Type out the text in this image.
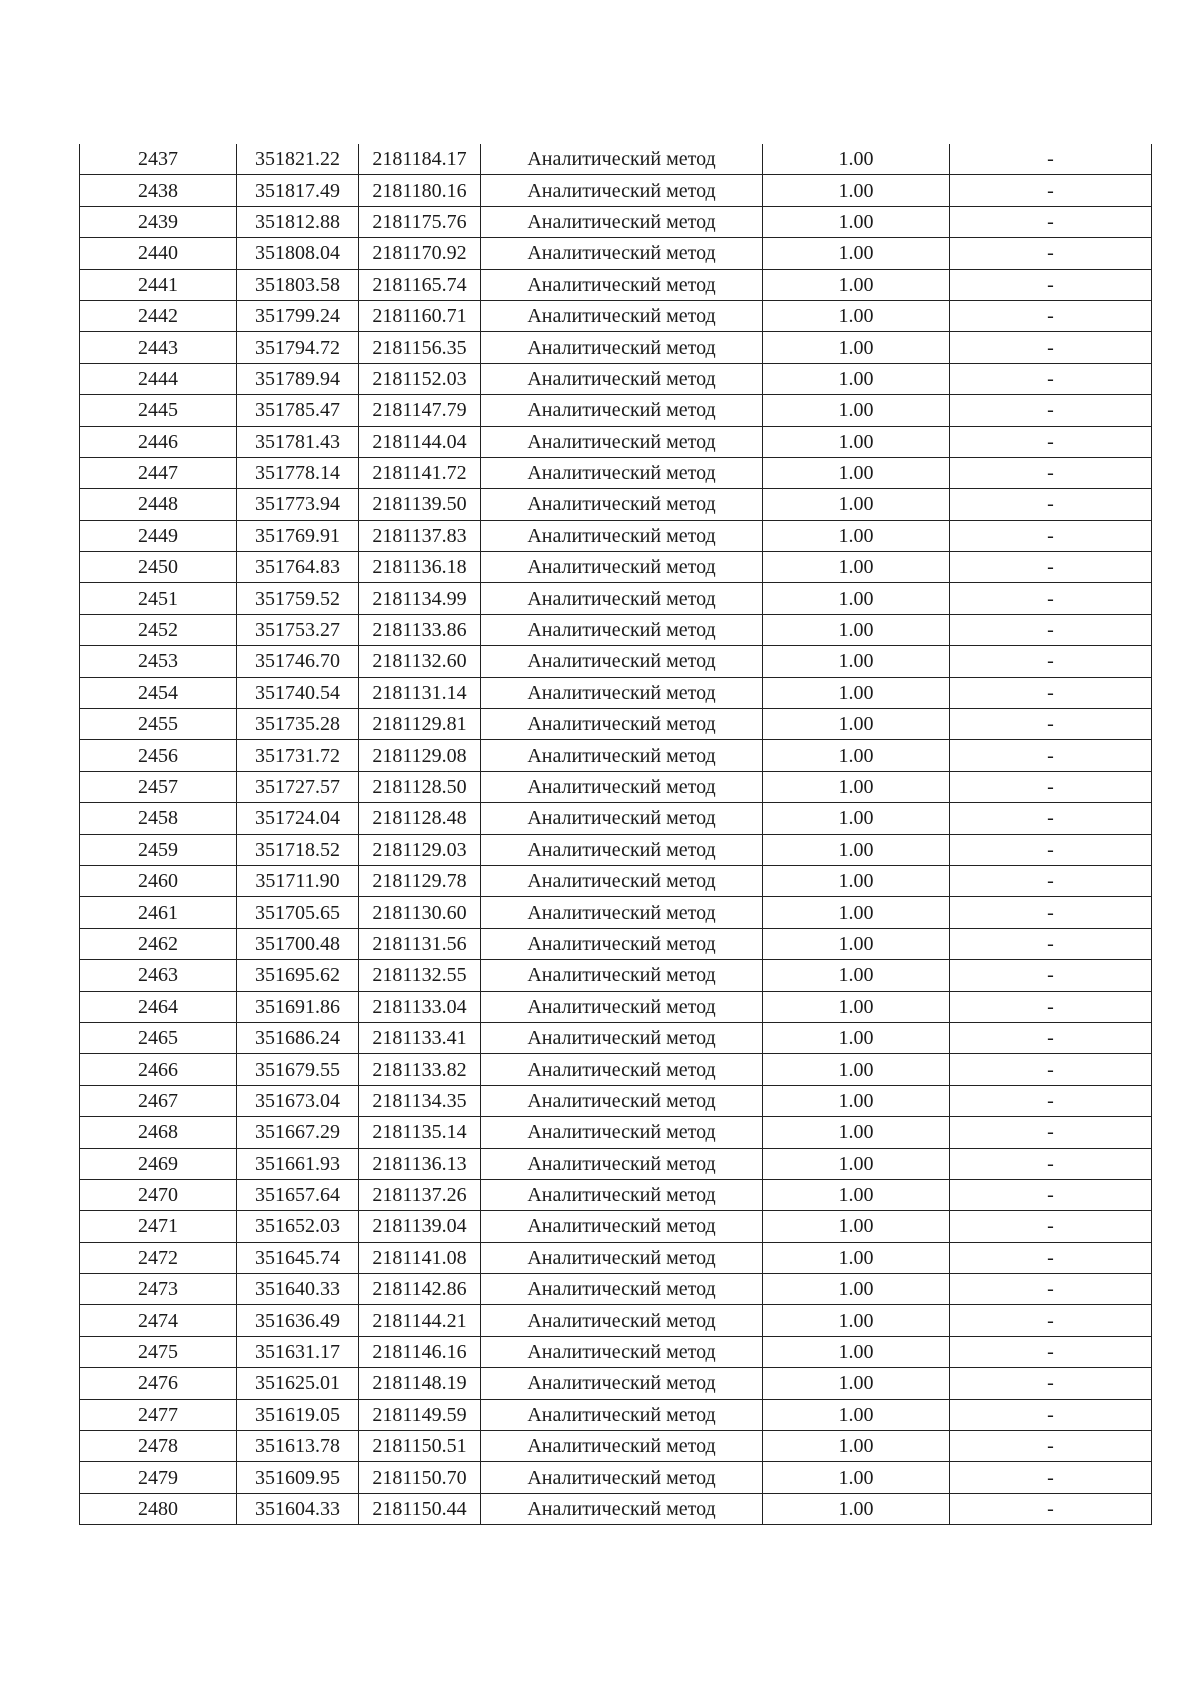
2437	351821.22	2181184.17	Аналитический метод	1.00	-
2438	351817.49	2181180.16	Аналитический метод	1.00	-
2439	351812.88	2181175.76	Аналитический метод	1.00	-
2440	351808.04	2181170.92	Аналитический метод	1.00	-
2441	351803.58	2181165.74	Аналитический метод	1.00	-
2442	351799.24	2181160.71	Аналитический метод	1.00	-
2443	351794.72	2181156.35	Аналитический метод	1.00	-
2444	351789.94	2181152.03	Аналитический метод	1.00	-
2445	351785.47	2181147.79	Аналитический метод	1.00	-
2446	351781.43	2181144.04	Аналитический метод	1.00	-
2447	351778.14	2181141.72	Аналитический метод	1.00	-
2448	351773.94	2181139.50	Аналитический метод	1.00	-
2449	351769.91	2181137.83	Аналитический метод	1.00	-
2450	351764.83	2181136.18	Аналитический метод	1.00	-
2451	351759.52	2181134.99	Аналитический метод	1.00	-
2452	351753.27	2181133.86	Аналитический метод	1.00	-
2453	351746.70	2181132.60	Аналитический метод	1.00	-
2454	351740.54	2181131.14	Аналитический метод	1.00	-
2455	351735.28	2181129.81	Аналитический метод	1.00	-
2456	351731.72	2181129.08	Аналитический метод	1.00	-
2457	351727.57	2181128.50	Аналитический метод	1.00	-
2458	351724.04	2181128.48	Аналитический метод	1.00	-
2459	351718.52	2181129.03	Аналитический метод	1.00	-
2460	351711.90	2181129.78	Аналитический метод	1.00	-
2461	351705.65	2181130.60	Аналитический метод	1.00	-
2462	351700.48	2181131.56	Аналитический метод	1.00	-
2463	351695.62	2181132.55	Аналитический метод	1.00	-
2464	351691.86	2181133.04	Аналитический метод	1.00	-
2465	351686.24	2181133.41	Аналитический метод	1.00	-
2466	351679.55	2181133.82	Аналитический метод	1.00	-
2467	351673.04	2181134.35	Аналитический метод	1.00	-
2468	351667.29	2181135.14	Аналитический метод	1.00	-
2469	351661.93	2181136.13	Аналитический метод	1.00	-
2470	351657.64	2181137.26	Аналитический метод	1.00	-
2471	351652.03	2181139.04	Аналитический метод	1.00	-
2472	351645.74	2181141.08	Аналитический метод	1.00	-
2473	351640.33	2181142.86	Аналитический метод	1.00	-
2474	351636.49	2181144.21	Аналитический метод	1.00	-
2475	351631.17	2181146.16	Аналитический метод	1.00	-
2476	351625.01	2181148.19	Аналитический метод	1.00	-
2477	351619.05	2181149.59	Аналитический метод	1.00	-
2478	351613.78	2181150.51	Аналитический метод	1.00	-
2479	351609.95	2181150.70	Аналитический метод	1.00	-
2480	351604.33	2181150.44	Аналитический метод	1.00	-
